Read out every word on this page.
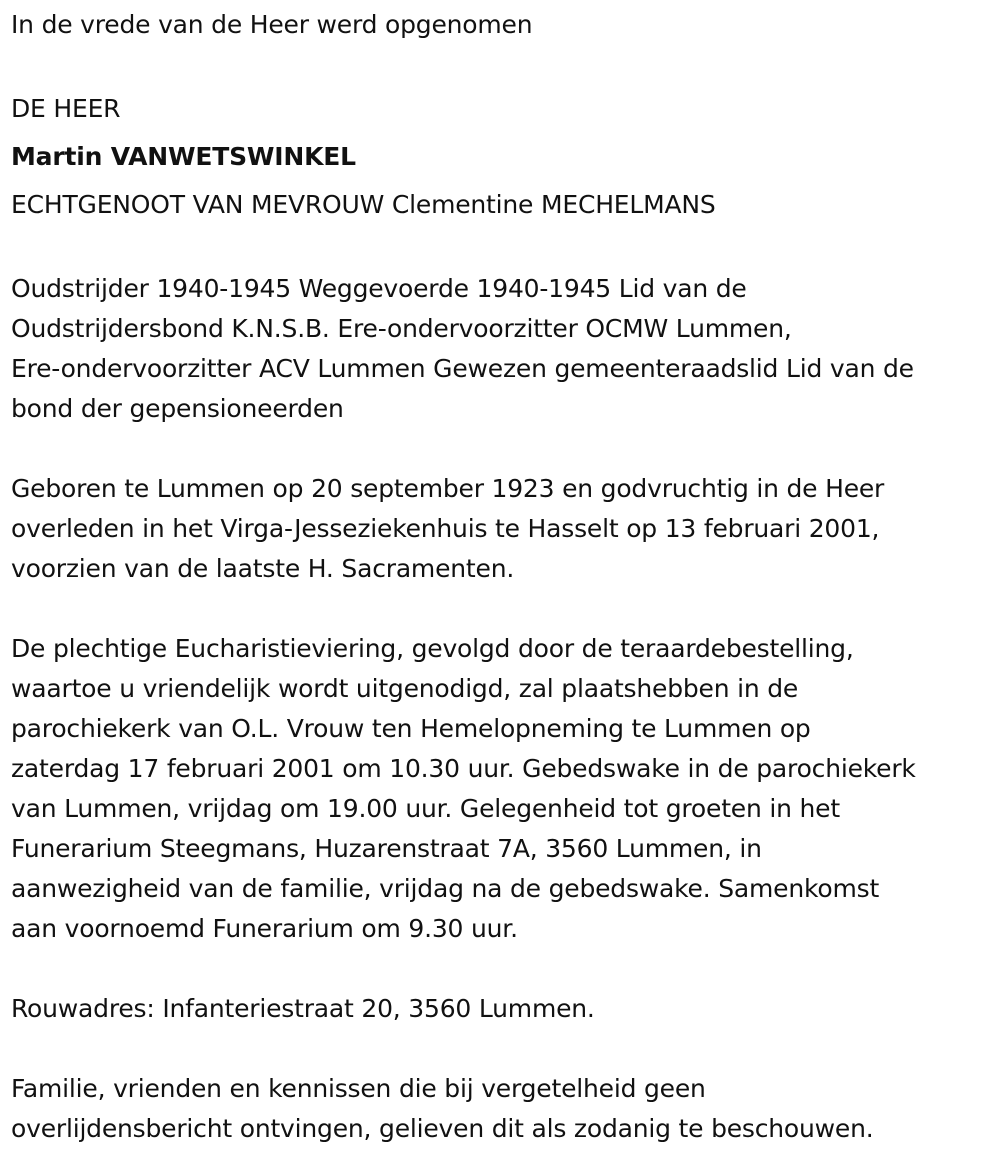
In de vrede van de Heer werd opgenomen
DE HEER
Martin VANWETSWINKEL
ECHTGENOOT VAN MEVROUW Clementine MECHELMANS
Oudstrijder 1940-1945 Weggevoerde 1940-1945 Lid van de
Oudstrijdersbond K.N.S.B. Ere-ondervoorzitter OCMW Lummen,
Ere-ondervoorzitter ACV Lummen Gewezen gemeenteraadslid Lid van de
bond der gepensioneerden
Geboren te Lummen op 20 september 1923 en godvruchtig in de Heer
overleden in het Virga-Jesseziekenhuis te Hasselt op 13 februari 2001,
voorzien van de laatste H. Sacramenten.
De plechtige Eucharistieviering, gevolgd door de teraardebestelling,
waartoe u vriendelijk wordt uitgenodigd, zal plaatshebben in de
parochiekerk van O.L. Vrouw ten Hemelopneming te Lummen op
zaterdag 17 februari 2001 om 10.30 uur. Gebedswake in de parochiekerk
van Lummen, vrijdag om 19.00 uur. Gelegenheid tot groeten in het
Funerarium Steegmans, Huzarenstraat 7A, 3560 Lummen, in
aanwezigheid van de familie, vrijdag na de gebedswake. Samenkomst
aan voornoemd Funerarium om 9.30 uur.
Rouwadres: Infanteriestraat 20, 3560 Lummen.
Familie, vrienden en kennissen die bij vergetelheid geen
overlijdensbericht ontvingen, gelieven dit als zodanig te beschouwen.
